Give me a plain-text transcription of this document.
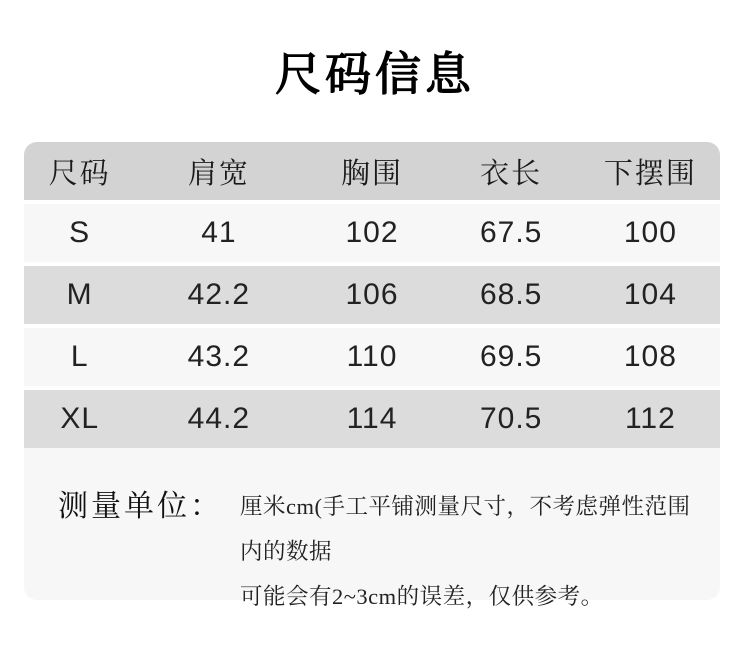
尺码信息
尺码	肩宽	胸围	衣长	下摆围
S	41	102	67.5	100
M	42.2	106	68.5	104
L	43.2	110	69.5	108
XL	44.2	114	70.5	112
测量单位： 厘米cm(手工平铺测量尺寸，不考虑弹性范围内的数据
可能会有2~3cm的误差，仅供参考。
